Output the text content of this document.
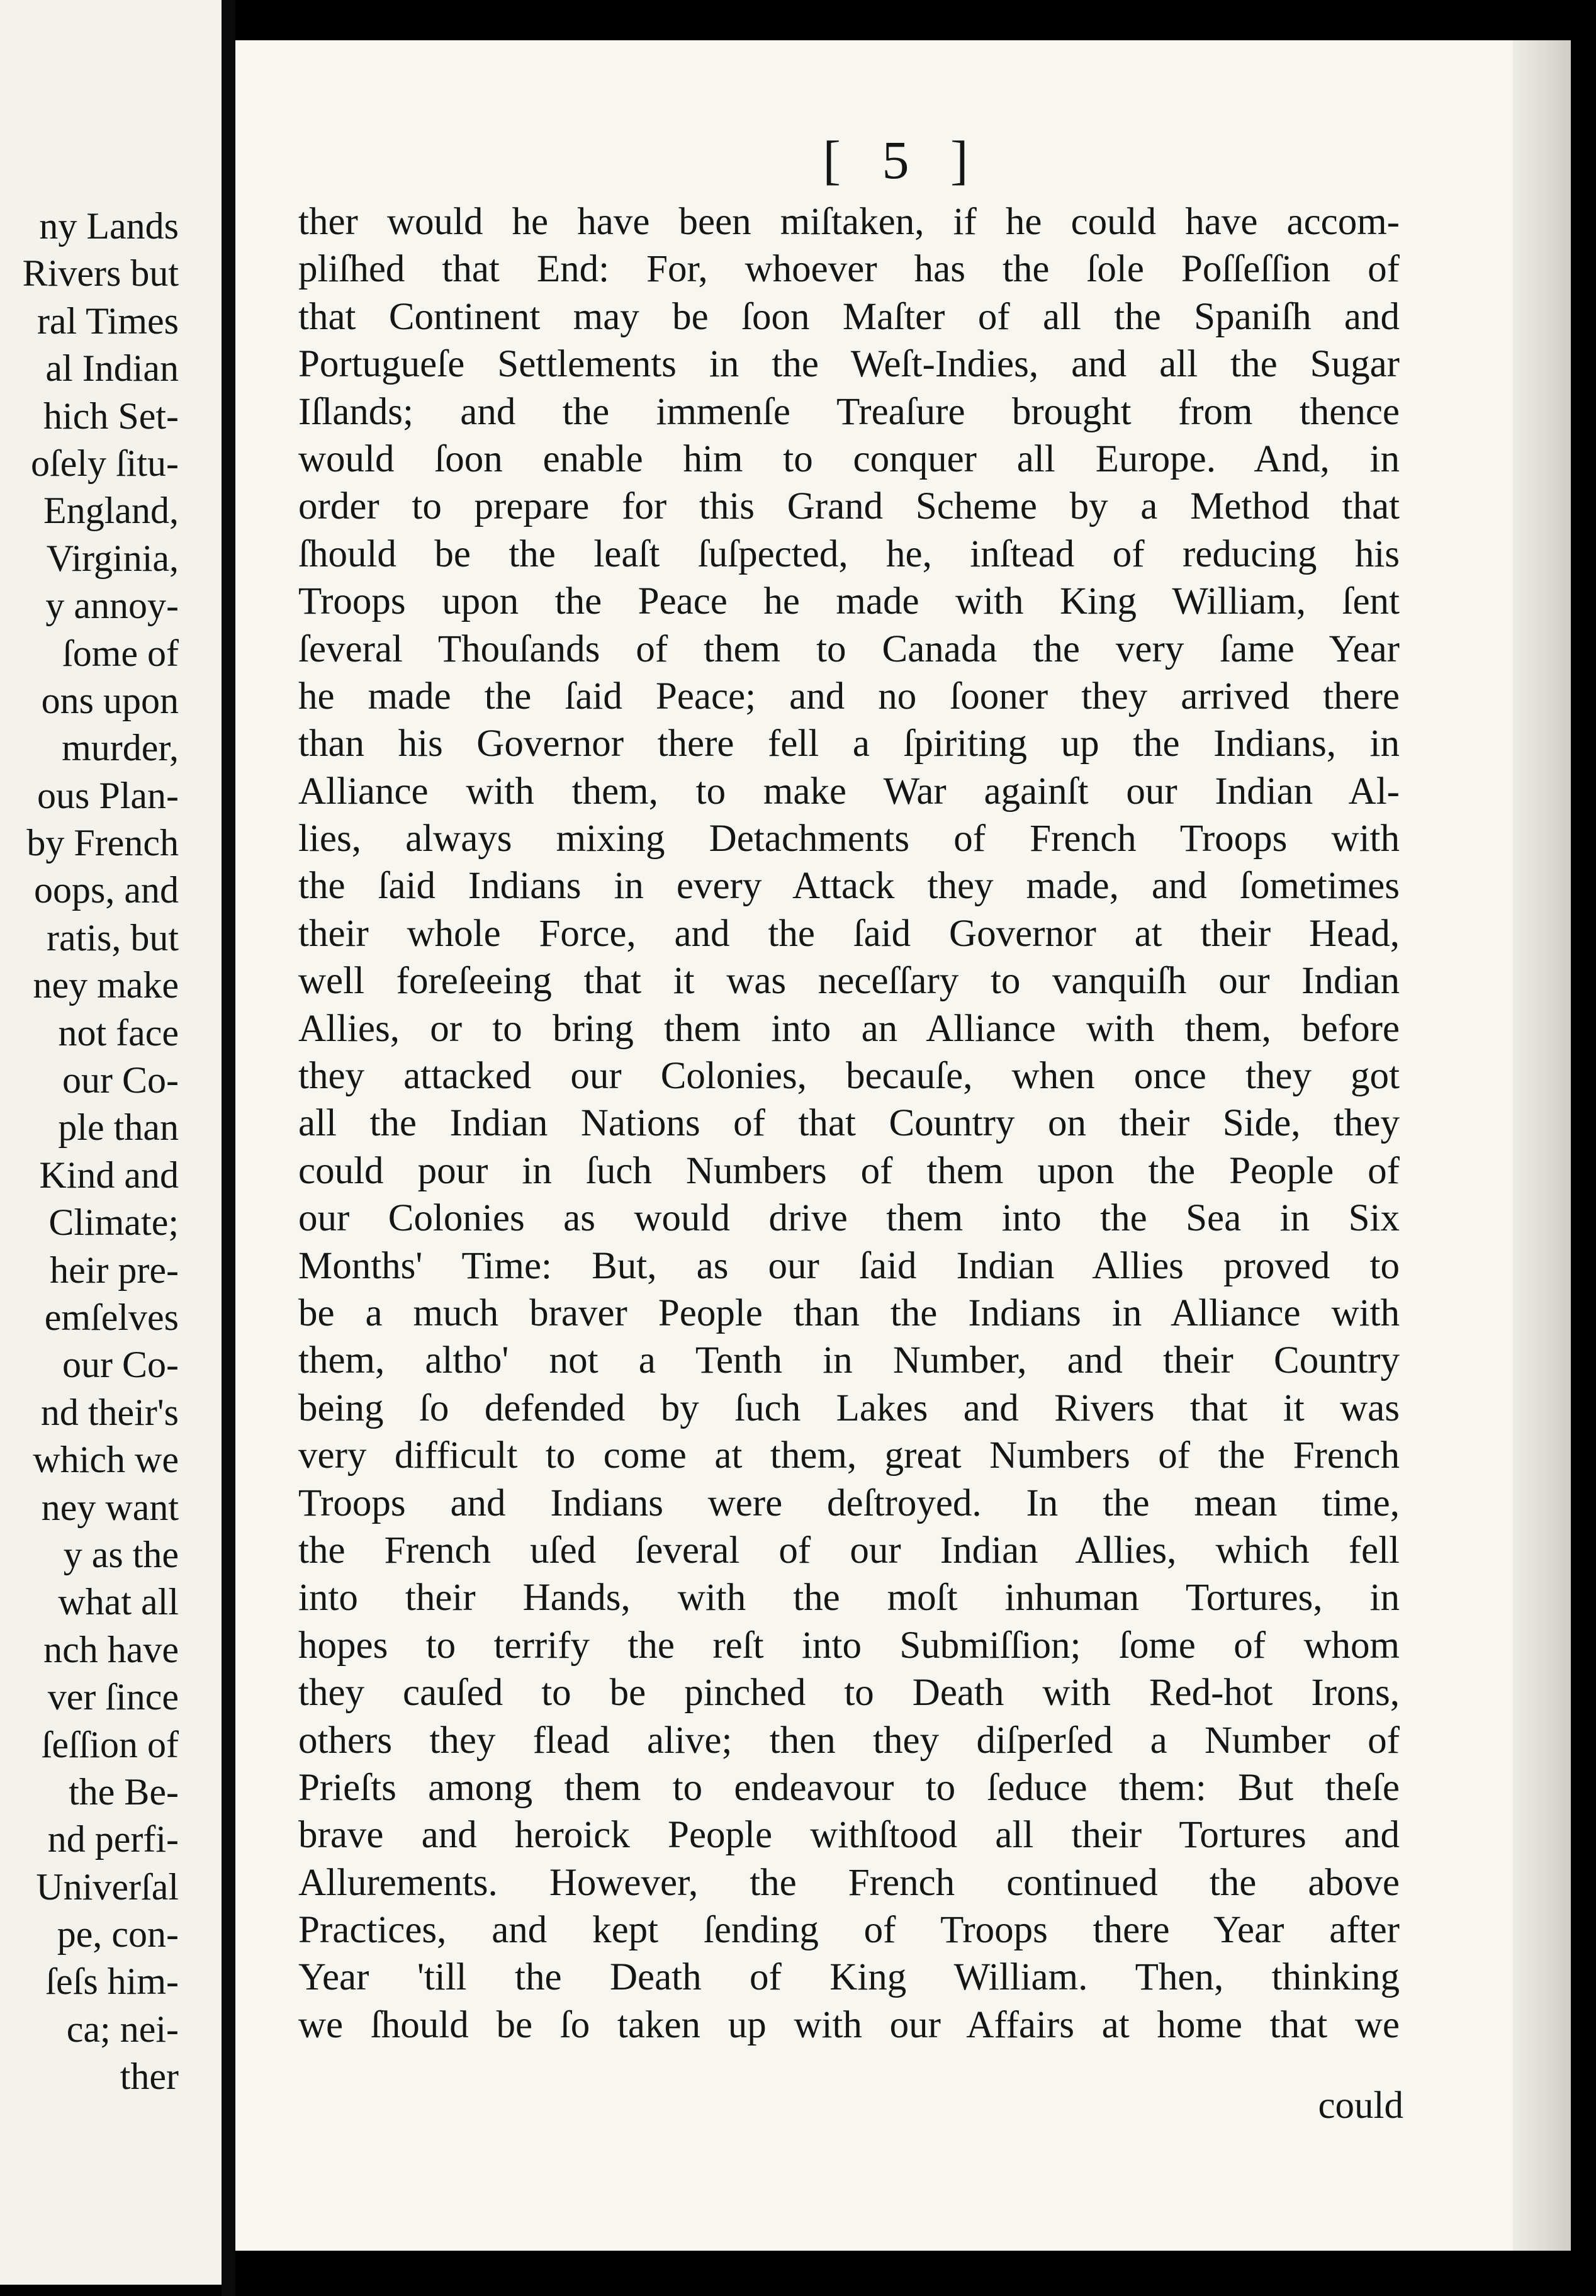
ny Lands
Rivers but
ral Times
al Indian
hich Set-
oſely ſitu-
England,
Virginia,
y annoy-
ſome of
ons upon
murder,
ous Plan-
by French
oops, and
ratis, but
ney make
not face
our Co-
ple than
Kind and
Climate;
heir pre-
emſelves
our Co-
nd their's
which we
ney want
y as the
what all
nch have
ver ſince
ſeſſion of
the Be-
nd perfi-
Univerſal
pe, con-
ſeſs him-
ca; nei-
ther
[ 5 ]
ther would he have been miſtaken, if he could have accom-
pliſhed that End: For, whoever has the ſole Poſſeſſion of
that Continent may be ſoon Maſter of all the Spaniſh and
Portugueſe Settlements in the Weſt-Indies, and all the Sugar
Iſlands; and the immenſe Treaſure brought from thence
would ſoon enable him to conquer all Europe. And, in
order to prepare for this Grand Scheme by a Method that
ſhould be the leaſt ſuſpected, he, inſtead of reducing his
Troops upon the Peace he made with King William, ſent
ſeveral Thouſands of them to Canada the very ſame Year
he made the ſaid Peace; and no ſooner they arrived there
than his Governor there fell a ſpiriting up the Indians, in
Alliance with them, to make War againſt our Indian Al-
lies, always mixing Detachments of French Troops with
the ſaid Indians in every Attack they made, and ſometimes
their whole Force, and the ſaid Governor at their Head,
well foreſeeing that it was neceſſary to vanquiſh our Indian
Allies, or to bring them into an Alliance with them, before
they attacked our Colonies, becauſe, when once they got
all the Indian Nations of that Country on their Side, they
could pour in ſuch Numbers of them upon the People of
our Colonies as would drive them into the Sea in Six
Months' Time: But, as our ſaid Indian Allies proved to
be a much braver People than the Indians in Alliance with
them, altho' not a Tenth in Number, and their Country
being ſo defended by ſuch Lakes and Rivers that it was
very difficult to come at them, great Numbers of the French
Troops and Indians were deſtroyed. In the mean time,
the French uſed ſeveral of our Indian Allies, which fell
into their Hands, with the moſt inhuman Tortures, in
hopes to terrify the reſt into Submiſſion; ſome of whom
they cauſed to be pinched to Death with Red-hot Irons,
others they flead alive; then they diſperſed a Number of
Prieſts among them to endeavour to ſeduce them: But theſe
brave and heroick People withſtood all their Tortures and
Allurements. However, the French continued the above
Practices, and kept ſending of Troops there Year after
Year 'till the Death of King William. Then, thinking
we ſhould be ſo taken up with our Affairs at home that we
could
